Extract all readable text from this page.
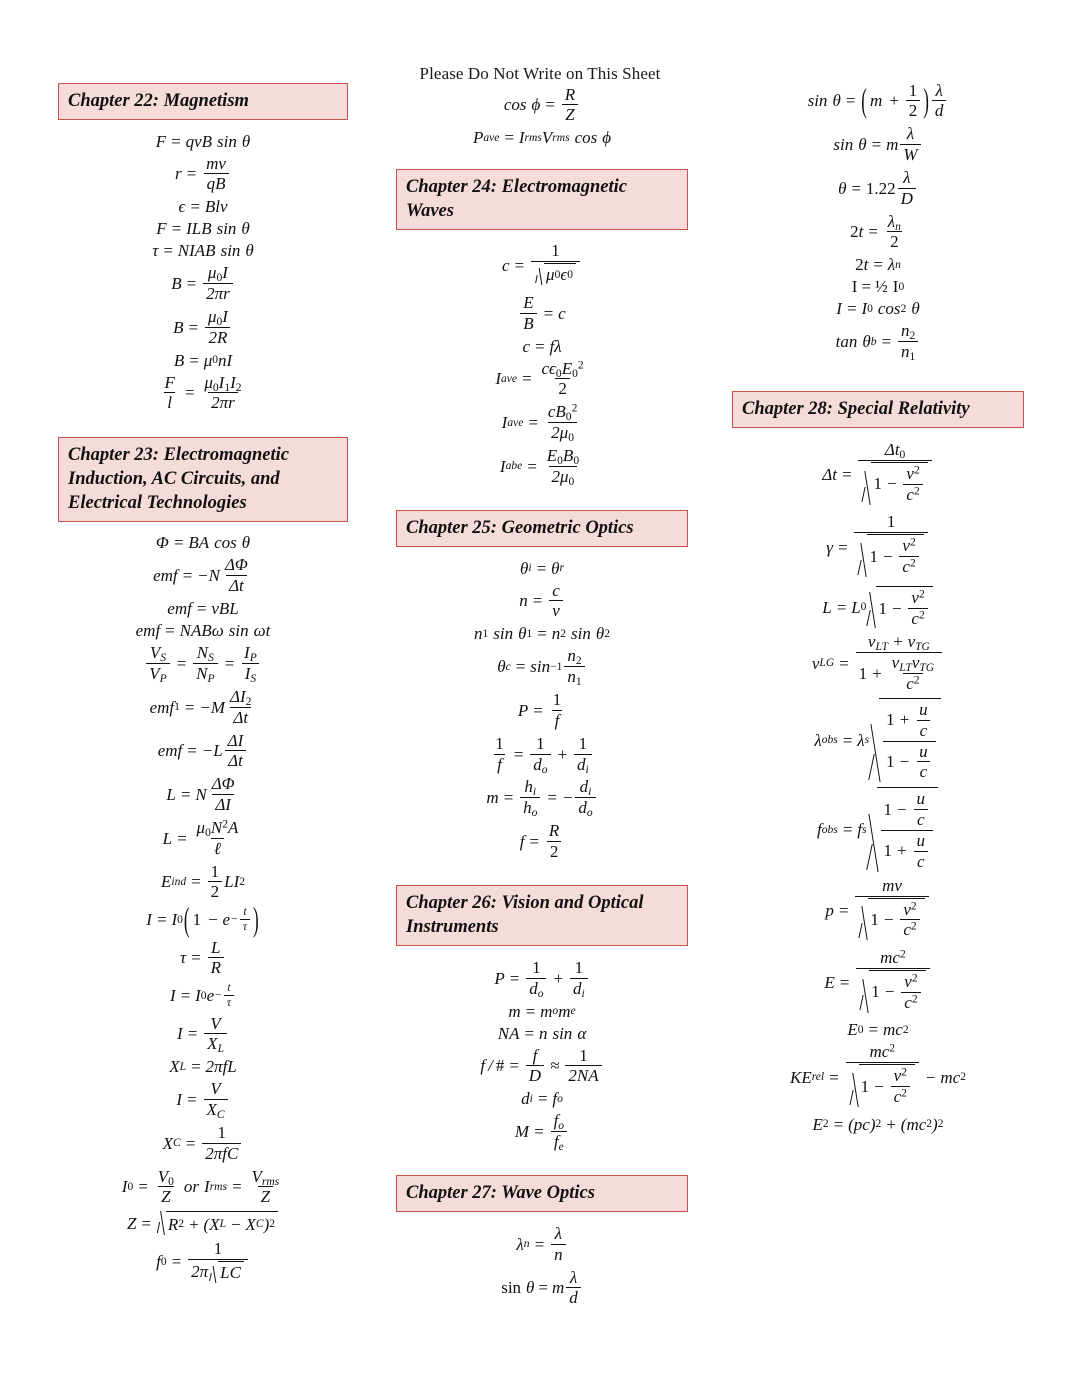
Please Do Not Write on This Sheet
Chapter 22: Magnetism
F = qvB sin θ
$r = \frac{mv}{qB}$
ϵ = Blv
F = ILB sin θ
τ = NIAB sin θ
$B = \frac{\mu_0I}{2\pi r}$
$B = \frac{\mu_0I}{2R}$
B = μ 0 nI
$\frac{F}{l} = \frac{\mu_0I_1I_2}{2\pi r}$
Chapter 23: Electromagnetic Induction, AC Circuits, and Electrical Technologies
Φ = BA cos θ
emf = $-N \frac{\Delta\Phi}{\Delta t}$
emf = vBL
emf = NABω sin ωt
$\frac{V_S}{V_P} = \frac{N_S}{N_P} = \frac{I_P}{I_S}$
emf $1 = -M \frac{\Delta I_2}{\Delta t}$
emf = $-L \frac{\Delta I}{\Delta t}$
L = N $\frac{\Delta\Phi}{\Delta I}$
$L = \frac{\mu_0N^2A}{\text{ℓ}}$
E ind = $\frac{1}{2}$ LI 2
I = I 0 ( $1 - e - \frac{t}{\tau}$ )
$\tau = \frac{L}{R}$
I = I 0 $e - \frac{t}{\tau}$
$I = \frac{V}{X_L}$
X L = 2πfL
$I = \frac{V}{X_C}$
X $C = \frac{1}{\text{2πfC}}$
I $0 = \frac{V_0}{Z}$ or
I rms = $\frac{V_{rms}}{Z}$
Z = R 2 + (X L − X C ) 2
f $0 = \frac{1}{\text{2π LC}}$
$\cos \phi = \frac{R}{Z}$
P ave = I rms V rms cos ϕ
Chapter 24: Electromagnetic Waves
$c = \frac{1}{\mu 0 \epsilon 0}$
$\frac{E}{B} = c$
c = fλ
I ave = $\frac{c\epsilon_0E_0^2}{2}$
I ave = $\frac{cB_0^2}{2\mu_0}$
I abe = $\frac{E_0B_0}{2\mu_0}$
Chapter 25: Geometric Optics
θ i = θ r
$n = \frac{c}{v}$
n 1 sin θ 1 = n 2 sin θ 2
θ $c = \sin -1 \frac{n_2}{n_1}$
$P = \frac{1}{f}$
$\frac{1}{f} = \frac{1}{d_o} + \frac{1}{d_i}$
$m = \frac{h_i}{h_o}$ = − $\frac{d_i}{d_o}$
$f = \frac{R}{2}$
Chapter 26: Vision and Optical Instruments
$P = \frac{1}{d_o} + \frac{1}{d_i}$
m = m o m e
NA = n sin α
f / # = $\frac{f}{D} \approx \frac{1}{2NA}$
d i = f o
$M = \frac{f_o}{f_e}$
Chapter 27: Wave Optics
λ $n = \frac{\lambda}{n}$
sin θ = m $\frac{\lambda}{d}$
sin θ = ( $m + \frac{1}{2}$ ) $\frac{\lambda}{d}$
sin θ = m $\frac{\lambda}{W}$
$\theta = 1.22 \frac{\lambda}{D}$
2 $t = \frac{\lambda_n}{2}$
2 t = λ n
I = ½ I 0
I = I 0 cos 2 θ
tan θ $b = \frac{n_2}{n_1}$
Chapter 28: Special Relativity
$\Delta t = \frac{\Delta t_0}{1 - \frac{v^2}{c^2}}$
$\gamma = \frac{1}{1 - \frac{v^2}{c^2}}$
L = L 0 $1 - \frac{v^2}{c^2}$
v LG = $\frac{v_{LT} + v_{TG}}{1 + \frac{v_{LT}v_{TG}}{c^2}}$
λ obs = λ s $\frac{1 + \frac{u}{c}}{1 - \frac{u}{c}}$
f obs = f s $\frac{1 - \frac{u}{c}}{1 + \frac{u}{c}}$
$p = \frac{mv}{1 - \frac{v^2}{c^2}}$
$E = \frac{mc^2}{1 - \frac{v^2}{c^2}}$
E 0 = mc 2
KE rel = $\frac{mc^2}{1 - \frac{v^2}{c^2}}$ − mc 2
E 2 = (pc) 2 + (mc 2 ) 2
